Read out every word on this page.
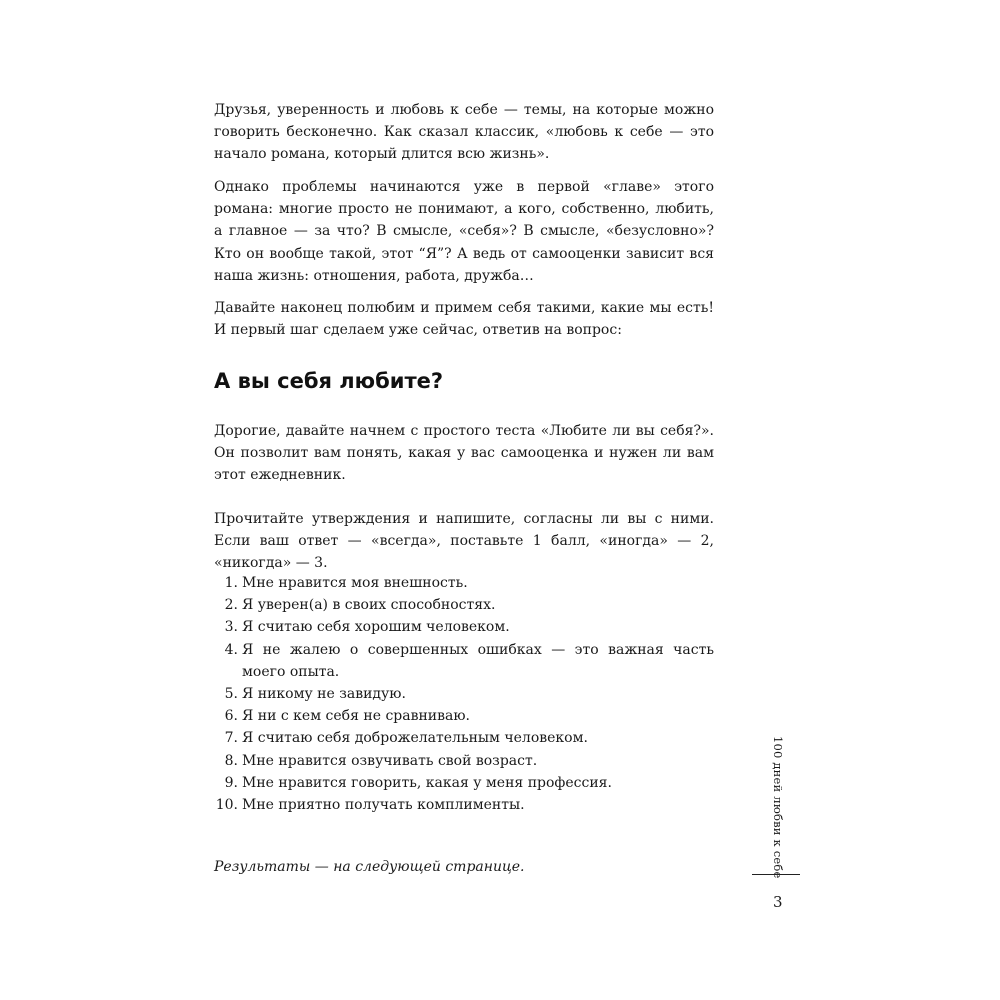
Друзья, уверенность и любовь к себе — темы, на которые можно говорить бесконечно. Как сказал классик, «любовь к себе — это начало романа, который длится всю жизнь».

Однако проблемы начинаются уже в первой «главе» этого романа: многие просто не понимают, а кого, собственно, любить, а главное — за что? В смысле, «себя»? В смысле, «безусловно»? Кто он вообще такой, этот “Я”? А ведь от самооценки зависит вся наша жизнь: отношения, работа, дружба…

Давайте наконец полюбим и примем себя такими, какие мы есть! И первый шаг сделаем уже сейчас, ответив на вопрос:

А вы себя любите?

Дорогие, давайте начнем с простого теста «Любите ли вы себя?». Он позволит вам понять, какая у вас самооценка и нужен ли вам этот ежедневник.

Прочитайте утверждения и напишите, согласны ли вы с ними. Если ваш ответ — «всегда», поставьте 1 балл, «иногда» — 2, «никогда» — 3.

1. Мне нравится моя внешность.
2. Я уверен(а) в своих способностях.
3. Я считаю себя хорошим человеком.
4. Я не жалею о совершенных ошибках — это важная часть моего опыта.
5. Я никому не завидую.
6. Я ни с кем себя не сравниваю.
7. Я считаю себя доброжелательным человеком.
8. Мне нравится озвучивать свой возраст.
9. Мне нравится говорить, какая у меня профессия.
10. Мне приятно получать комплименты.

Результаты — на следующей странице.	100 дней любви к себе

3
